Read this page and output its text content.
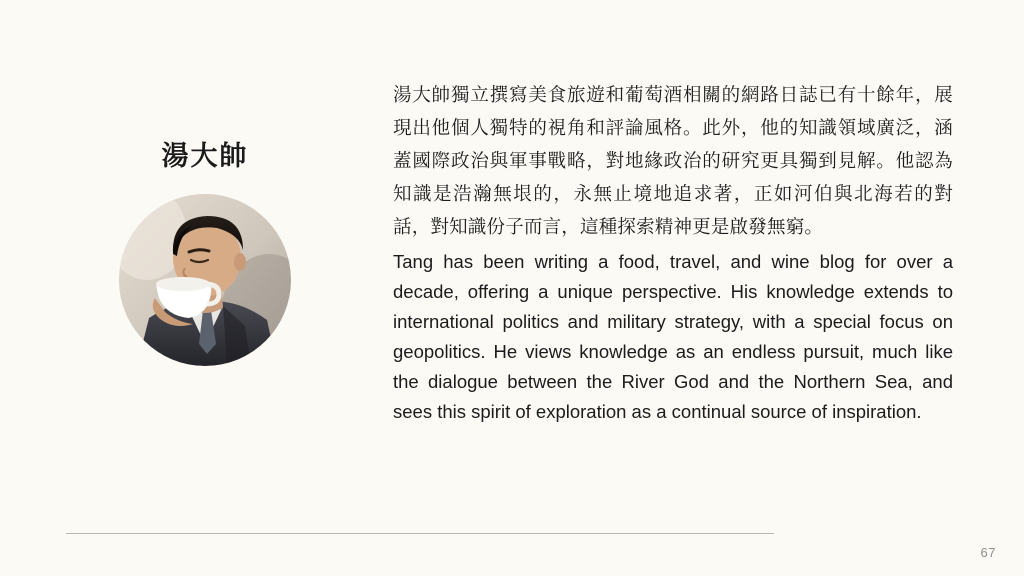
湯大帥

湯大帥獨立撰寫美食旅遊和葡萄酒相關的網路日誌已有十餘年，展現出他個人獨特的視角和評論風格。此外，他的知識領域廣泛，涵蓋國際政治與軍事戰略，對地緣政治的研究更具獨到見解。他認為知識是浩瀚無垠的，永無止境地追求著，正如河伯與北海若的對話，對知識份子而言，這種探索精神更是啟發無窮。

Tang has been writing a food, travel, and wine blog for over a decade, offering a unique perspective. His knowledge extends to international politics and military strategy, with a special focus on geopolitics. He views knowledge as an endless pursuit, much like the dialogue between the River God and the Northern Sea, and sees this spirit of exploration as a continual source of inspiration.

67
